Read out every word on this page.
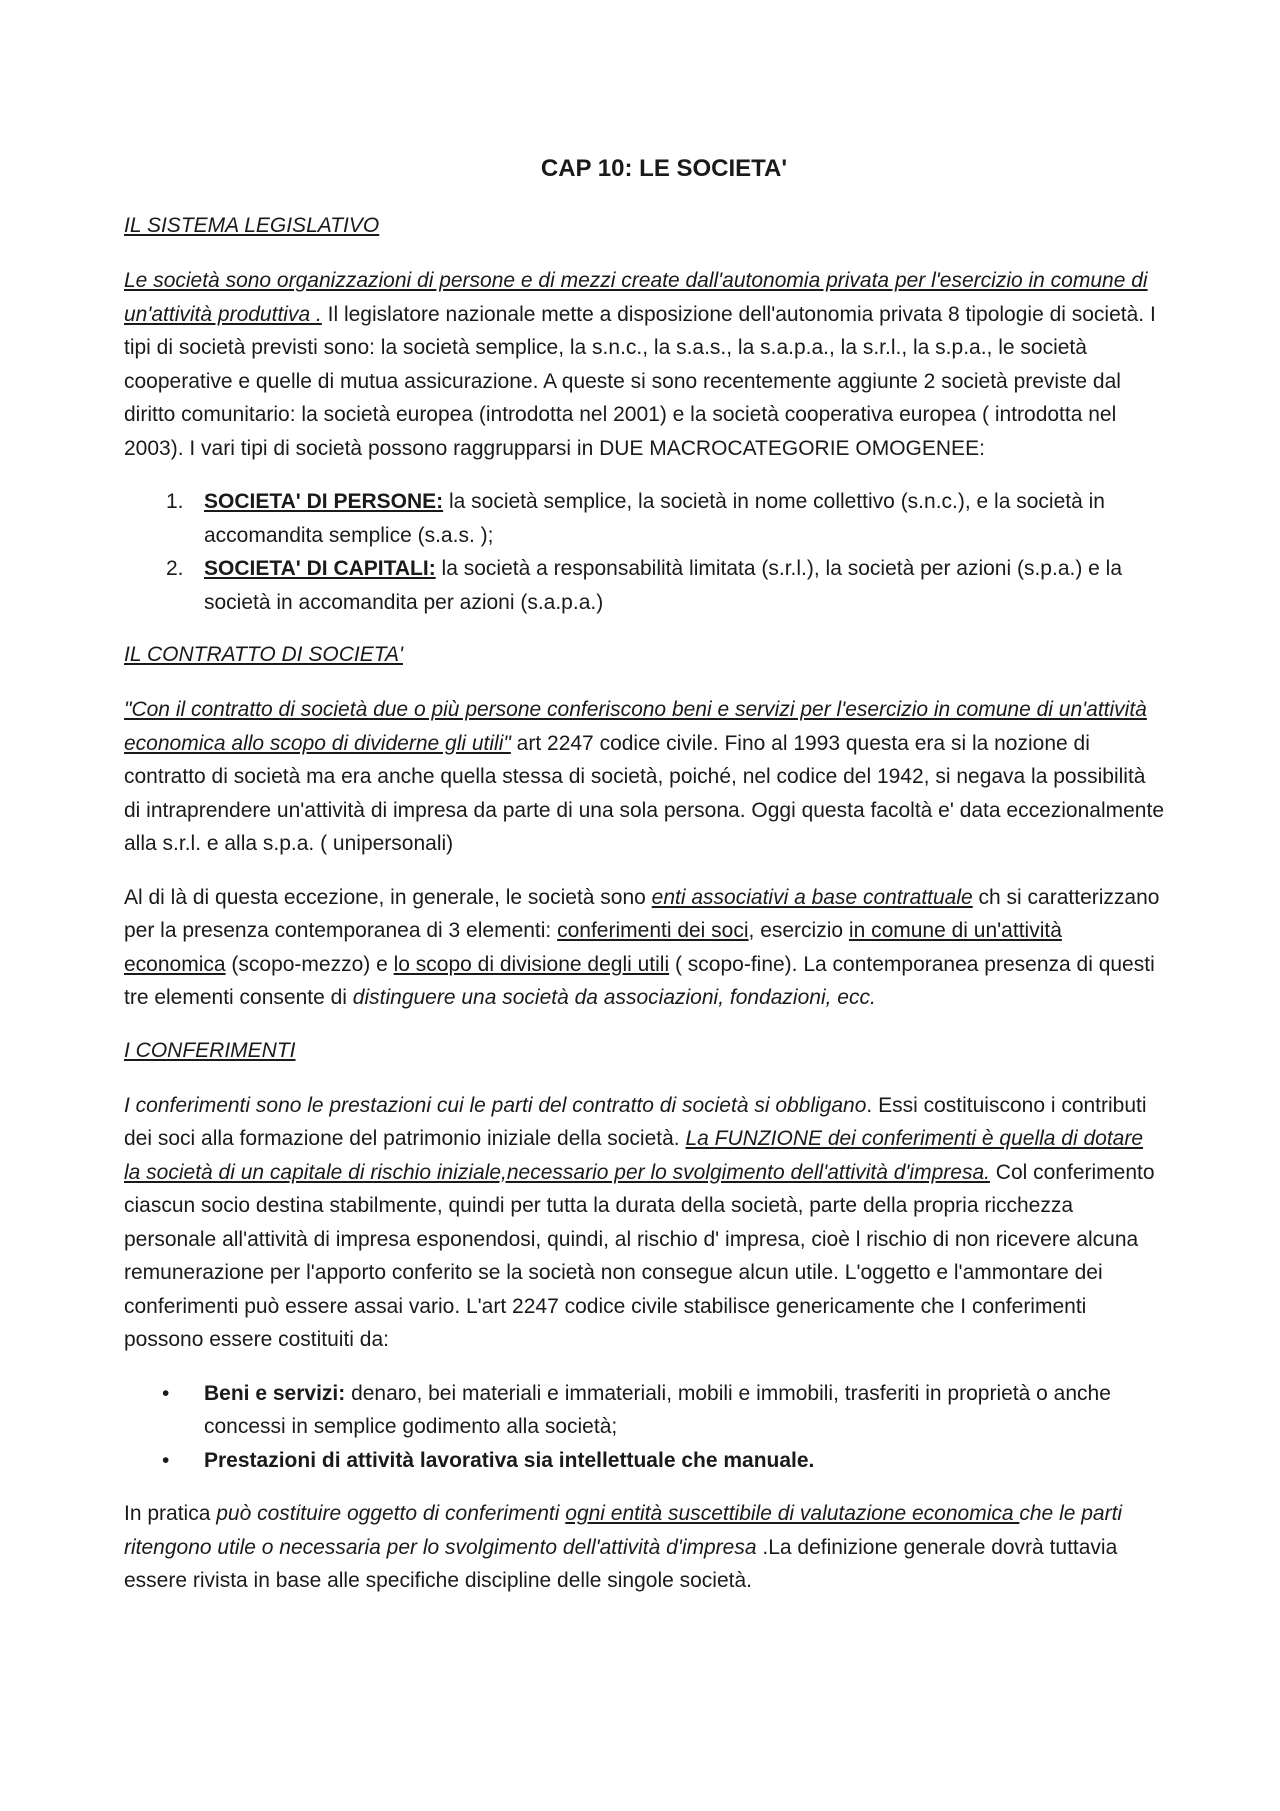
CAP 10: LE SOCIETA'
IL SISTEMA LEGISLATIVO

Le società sono organizzazioni di persone e di mezzi create dall'autonomia privata per l'esercizio in comune di un'attività produttiva . Il legislatore nazionale mette a disposizione dell'autonomia privata 8 tipologie di società. I tipi di società previsti sono: la società semplice, la s.n.c., la s.a.s., la s.a.p.a., la s.r.l., la s.p.a., le società cooperative e quelle di mutua assicurazione. A queste si sono recentemente aggiunte 2 società previste dal diritto comunitario: la società europea (introdotta nel 2001) e la società cooperativa europea ( introdotta nel 2003). I vari tipi di società possono raggrupparsi in DUE MACROCATEGORIE OMOGENEE:

1. SOCIETA' DI PERSONE: la società semplice, la società in nome collettivo (s.n.c.), e la società in accomandita semplice (s.a.s. );
2. SOCIETA' DI CAPITALI: la società a responsabilità limitata (s.r.l.), la società per azioni (s.p.a.) e la società in accomandita per azioni (s.a.p.a.)
IL CONTRATTO DI SOCIETA'

"Con il contratto di società due o più persone conferiscono beni e servizi per l'esercizio in comune di un'attività economica allo scopo di dividerne gli utili" art 2247 codice civile. Fino al 1993 questa era si la nozione di contratto di società ma era anche quella stessa di società, poiché, nel codice del 1942, si negava la possibilità di intraprendere un'attività di impresa da parte di una sola persona. Oggi questa facoltà e' data eccezionalmente alla s.r.l. e alla s.p.a. ( unipersonali)

Al di là di questa eccezione, in generale, le società sono enti associativi a base contrattuale ch si caratterizzano per la presenza contemporanea di 3 elementi: conferimenti dei soci, esercizio in comune di un'attività economica (scopo-mezzo) e lo scopo di divisione degli utili ( scopo-fine). La contemporanea presenza di questi tre elementi consente di distinguere una società da associazioni, fondazioni, ecc.

I CONFERIMENTI

I conferimenti sono le prestazioni cui le parti del contratto di società si obbligano. Essi costituiscono i contributi dei soci alla formazione del patrimonio iniziale della società. La FUNZIONE dei conferimenti è quella di dotare la società di un capitale di rischio iniziale,necessario per lo svolgimento dell'attività d'impresa. Col conferimento ciascun socio destina stabilmente, quindi per tutta la durata della società, parte della propria ricchezza personale all'attività di impresa esponendosi, quindi, al rischio d' impresa, cioè l rischio di non ricevere alcuna remunerazione per l'apporto conferito se la società non consegue alcun utile. L'oggetto e l'ammontare dei conferimenti può essere assai vario. L'art 2247 codice civile stabilisce genericamente che I conferimenti possono essere costituiti da:

• Beni e servizi: denaro, bei materiali e immateriali, mobili e immobili, trasferiti in proprietà o anche concessi in semplice godimento alla società;
• Prestazioni di attività lavorativa sia intellettuale che manuale.

In pratica può costituire oggetto di conferimenti ogni entità suscettibile di valutazione economica che le parti ritengono utile o necessaria per lo svolgimento dell'attività d'impresa .La definizione generale dovrà tuttavia essere rivista in base alle specifiche discipline delle singole società.
